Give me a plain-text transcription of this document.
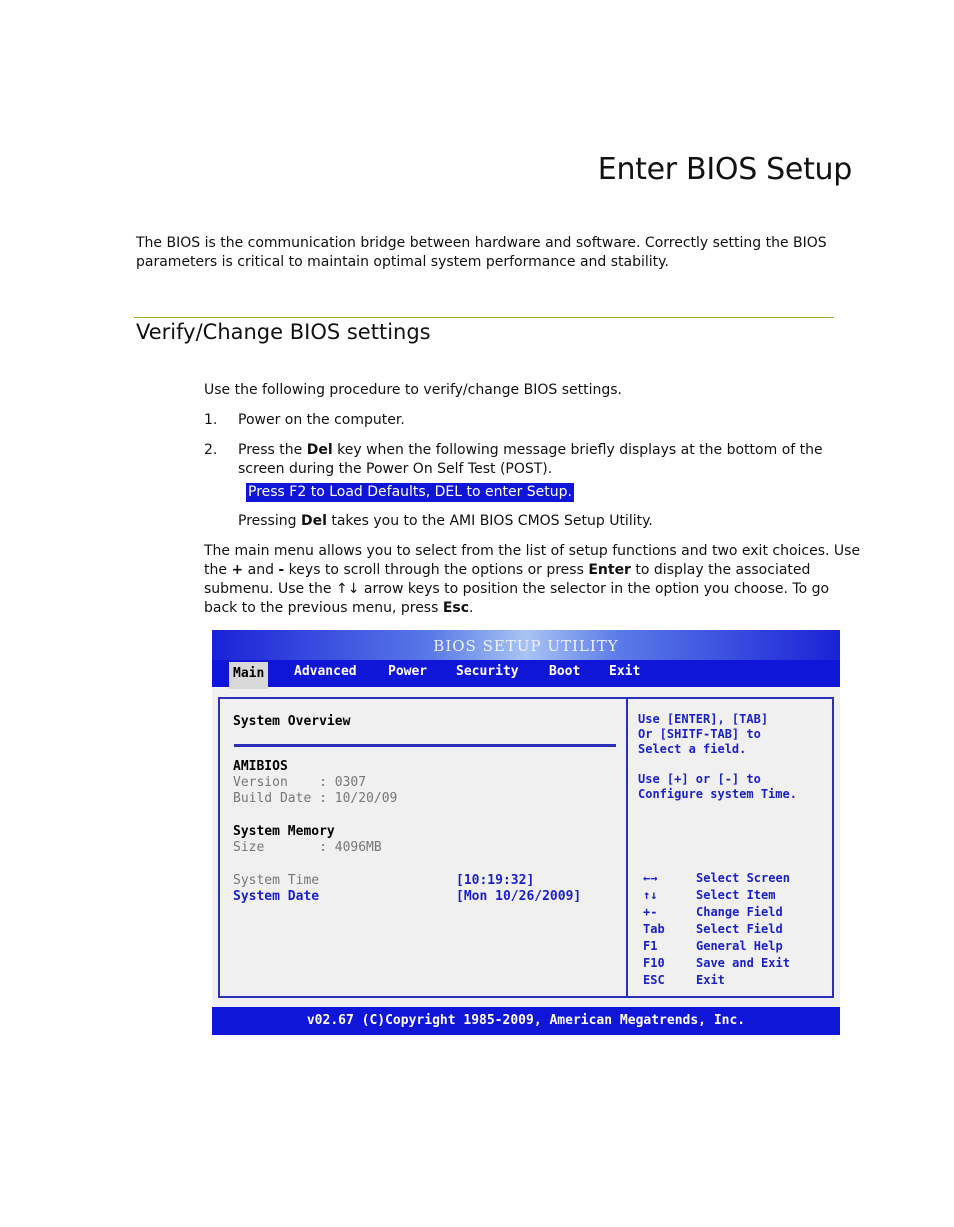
Enter BIOS Setup
The BIOS is the communication bridge between hardware and software. Correctly setting the BIOS parameters is critical to maintain optimal system performance and stability.
Verify/Change BIOS settings
Use the following procedure to verify/change BIOS settings.
1. Power on the computer.
2. Press the Del key when the following message briefly displays at the bottom of the screen during the Power On Self Test (POST).
Press F2 to Load Defaults, DEL to enter Setup.
Pressing Del takes you to the AMI BIOS CMOS Setup Utility.
The main menu allows you to select from the list of setup functions and two exit choices. Use the + and - keys to scroll through the options or press Enter to display the associated submenu. Use the ↑↓ arrow keys to position the selector in the option you choose. To go back to the previous menu, press Esc.
BIOS SETUP UTILITY
Main	Advanced Power Security Boot Exit
System Overview
AMIBIOS
Version    : 0307
Build Date : 10/20/09
System Memory
Size       : 4096MB
System Time	[10:19:32]
System Date	[Mon 10/26/2009]
Use [ENTER], [TAB]
Or [SHITF-TAB] to
Select a field.
Use [+] or [-] to
Configure system Time.
←→	Select Screen
↑↓	Select Item
+-	Change Field
Tab	Select Field
F1	General Help
F10	Save and Exit
ESC	Exit
v02.67 (C)Copyright 1985-2009, American Megatrends, Inc.
